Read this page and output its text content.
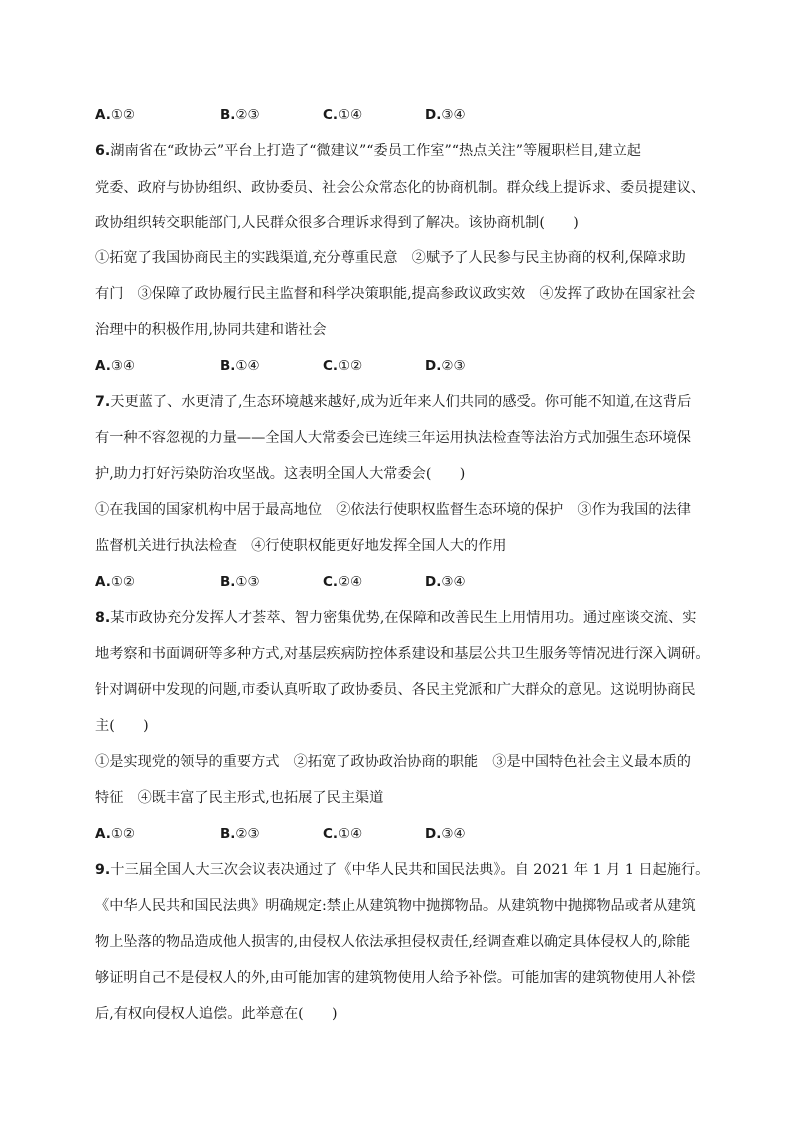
A.①②	B.②③	C.①④	D.③④
6.湖南省在“政协云”平台上打造了“微建议”“委员工作室”“热点关注”等履职栏目,建立起
党委、政府与协协组织、政协委员、社会公众常态化的协商机制。群众线上提诉求、委员提建议、
政协组织转交职能部门,人民群众很多合理诉求得到了解决。该协商机制(　　)
①拓宽了我国协商民主的实践渠道,充分尊重民意　②赋予了人民参与民主协商的权利,保障求助
有门　③保障了政协履行民主监督和科学决策职能,提高参政议政实效　④发挥了政协在国家社会
治理中的积极作用,协同共建和谐社会
A.③④	B.①④	C.①②	D.②③
7.天更蓝了、水更清了,生态环境越来越好,成为近年来人们共同的感受。你可能不知道,在这背后
有一种不容忽视的力量——全国人大常委会已连续三年运用执法检查等法治方式加强生态环境保
护,助力打好污染防治攻坚战。这表明全国人大常委会(　　)
①在我国的国家机构中居于最高地位　②依法行使职权监督生态环境的保护　③作为我国的法律
监督机关进行执法检查　④行使职权能更好地发挥全国人大的作用
A.①②	B.①③	C.②④	D.③④
8.某市政协充分发挥人才荟萃、智力密集优势,在保障和改善民生上用情用功。通过座谈交流、实
地考察和书面调研等多种方式,对基层疾病防控体系建设和基层公共卫生服务等情况进行深入调研。
针对调研中发现的问题,市委认真听取了政协委员、各民主党派和广大群众的意见。这说明协商民
主(　　)
①是实现党的领导的重要方式　②拓宽了政协政治协商的职能　③是中国特色社会主义最本质的
特征　④既丰富了民主形式,也拓展了民主渠道
A.①②	B.②③	C.①④	D.③④
9.十三届全国人大三次会议表决通过了《中华人民共和国民法典》。自 2021 年 1 月 1 日起施行。
《中华人民共和国民法典》明确规定:禁止从建筑物中抛掷物品。从建筑物中抛掷物品或者从建筑
物上坠落的物品造成他人损害的,由侵权人依法承担侵权责任,经调查难以确定具体侵权人的,除能
够证明自己不是侵权人的外,由可能加害的建筑物使用人给予补偿。可能加害的建筑物使用人补偿
后,有权向侵权人追偿。此举意在(　　)
